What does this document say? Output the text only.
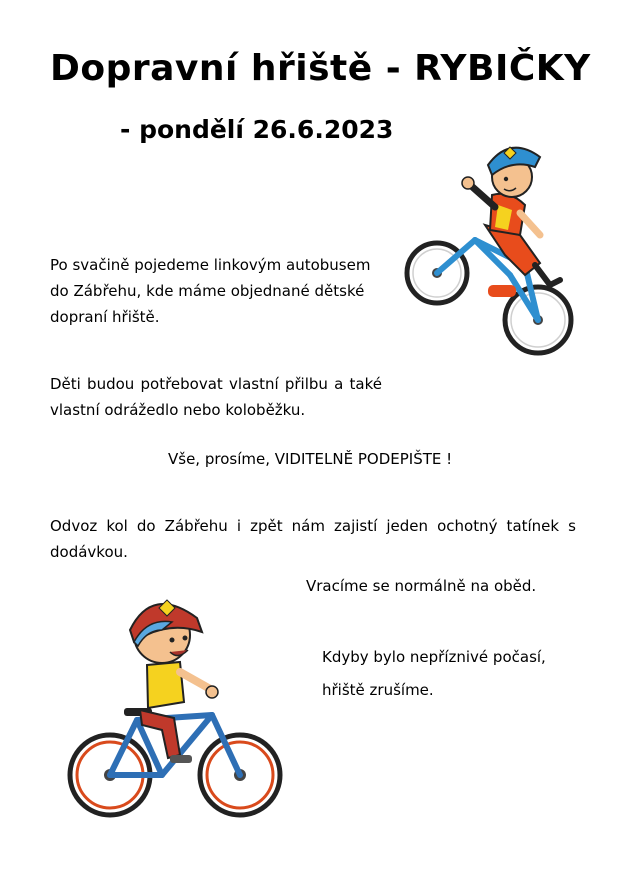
Dopravní hřiště - RYBIČKY
- pondělí 26.6.2023
Po svačině pojedeme linkovým autobusem do Zábřehu, kde máme objednané dětské dopraní hřiště.
Děti budou potřebovat vlastní přilbu a také vlastní odrážedlo nebo koloběžku.
Vše, prosíme, VIDITELNĚ PODEPIŠTE !
Odvoz kol do Zábřehu i zpět nám zajistí jeden ochotný tatínek s dodávkou.
Vracíme se normálně na oběd.
Kdyby bylo nepříznivé počasí,
hřiště zrušíme.
